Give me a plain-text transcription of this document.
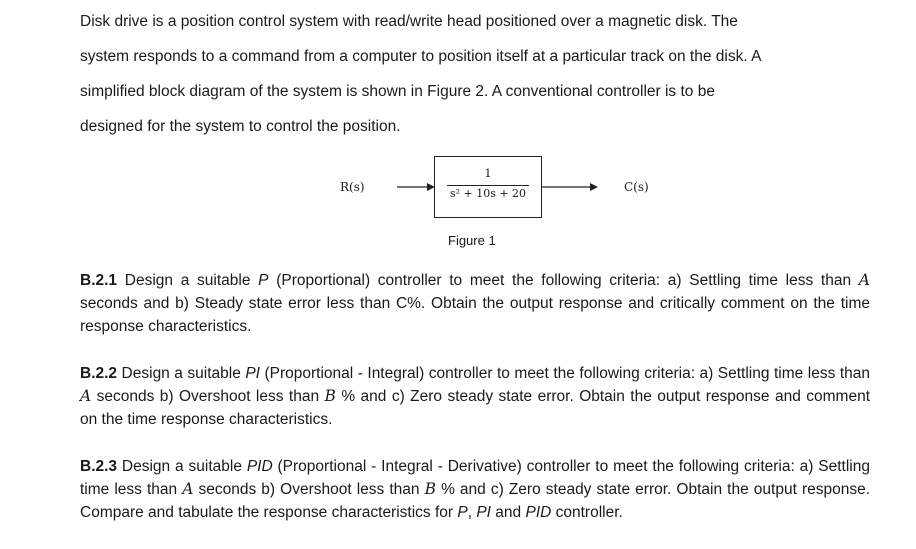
Disk drive is a position control system with read/write head positioned over a magnetic disk. The
system responds to a command from a computer to position itself at a particular track on the disk. A
simplified block diagram of the system is shown in Figure 2. A conventional controller is to be
designed for the system to control the position.
R(s)	C(s)
1
s² + 10s + 20
Figure 1

B.2.1 Design a suitable P (Proportional) controller to meet the following criteria: a) Settling time less than A seconds and b) Steady state error less than C%. Obtain the output response and critically comment on the time response characteristics.

B.2.2 Design a suitable PI (Proportional - Integral) controller to meet the following criteria: a) Settling time less than A seconds b) Overshoot less than B % and c) Zero steady state error. Obtain the output response and comment on the time response characteristics.

B.2.3 Design a suitable PID (Proportional - Integral - Derivative) controller to meet the following criteria: a) Settling time less than A seconds b) Overshoot less than B % and c) Zero steady state error. Obtain the output response. Compare and tabulate the response characteristics for P, PI and PID controller.
